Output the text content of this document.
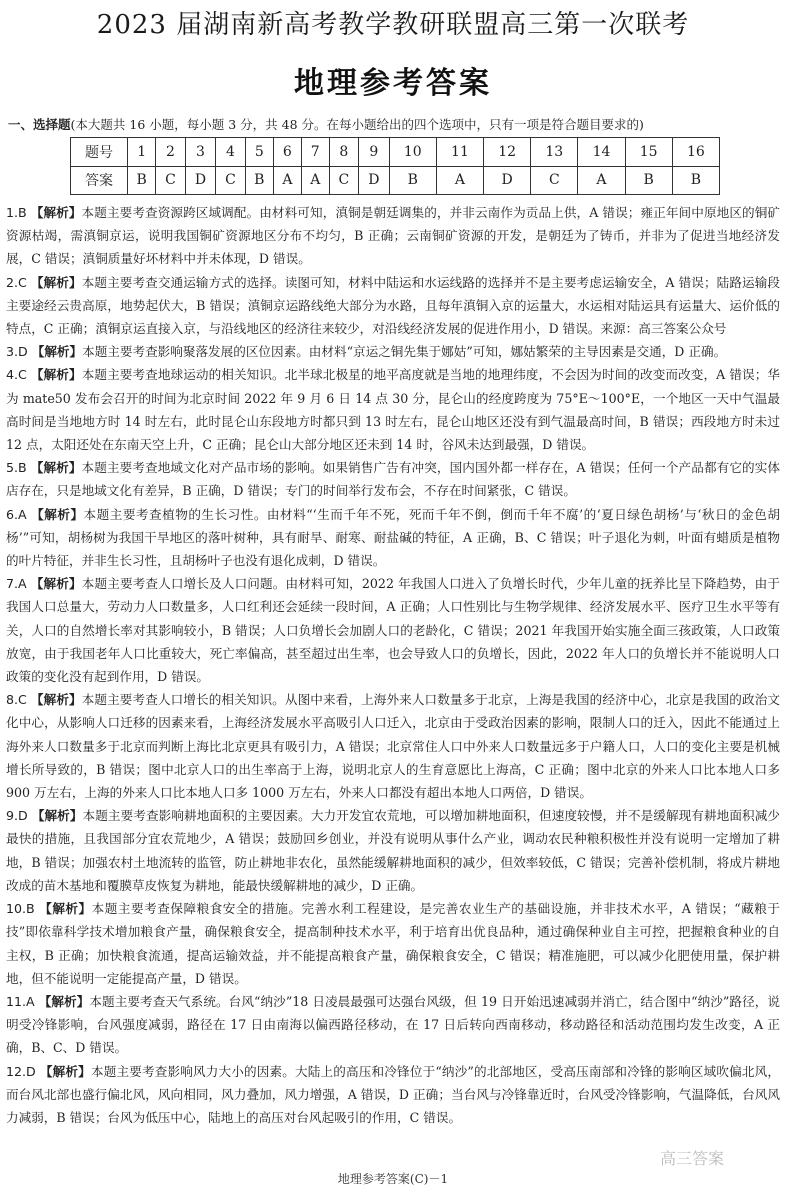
2023 届湖南新高考教学教研联盟高三第一次联考
地理参考答案
一、选择题(本大题共 16 小题，每小题 3 分，共 48 分。在每小题给出的四个选项中，只有一项是符合题目要求的)
题号	1	2	3	4	5	6	7	8	9	10	11	12	13	14	15	16
答案	B	C	D	C	B	A	A	C	D	B	A	D	C	A	B	B

1.B 【解析】本题主要考查资源跨区域调配。由材料可知，滇铜是朝廷调集的，并非云南作为贡品上供，A 错误；雍正年间中原地区的铜矿资源枯竭，需滇铜京运，说明我国铜矿资源地区分布不均匀，B 正确；云南铜矿资源的开发，是朝廷为了铸币，并非为了促进当地经济发展，C 错误；滇铜质量好坏材料中并未体现，D 错误。

2.C 【解析】本题主要考查交通运输方式的选择。读图可知，材料中陆运和水运线路的选择并不是主要考虑运输安全，A 错误；陆路运输段主要途经云贵高原，地势起伏大，B 错误；滇铜京运路线绝大部分为水路，且每年滇铜入京的运量大，水运相对陆运具有运量大、运价低的特点，C 正确；滇铜京运直接入京，与沿线地区的经济往来较少，对沿线经济发展的促进作用小，D 错误。来源：高三答案公众号

3.D 【解析】本题主要考查影响聚落发展的区位因素。由材料“京运之铜先集于娜姑”可知，娜姑繁荣的主导因素是交通，D 正确。

4.C 【解析】本题主要考查地球运动的相关知识。北半球北极星的地平高度就是当地的地理纬度，不会因为时间的改变而改变，A 错误；华为 mate50 发布会召开的时间为北京时间 2022 年 9 月 6 日 14 点 30 分，昆仑山的经度跨度为 75°E～100°E，一个地区一天中气温最高时间是当地地方时 14 时左右，此时昆仑山东段地方时都只到 13 时左右，昆仑山地区还没有到气温最高时间，B 错误；西段地方时未过 12 点，太阳还处在东南天空上升，C 正确；昆仑山大部分地区还未到 14 时，谷风未达到最强，D 错误。

5.B 【解析】本题主要考查地域文化对产品市场的影响。如果销售广告有冲突，国内国外都一样存在，A 错误；任何一个产品都有它的实体店存在，只是地域文化有差异，B 正确，D 错误；专门的时间举行发布会，不存在时间紧张，C 错误。

6.A 【解析】本题主要考查植物的生长习性。由材料“‘生而千年不死，死而千年不倒，倒而千年不腐’的‘夏日绿色胡杨’与‘秋日的金色胡杨’”可知，胡杨树为我国干旱地区的落叶树种，具有耐旱、耐寒、耐盐碱的特征，A 正确，B、C 错误；叶子退化为刺，叶面有蜡质是植物的叶片特征，并非生长习性，且胡杨叶子也没有退化成刺，D 错误。

7.A 【解析】本题主要考查人口增长及人口问题。由材料可知，2022 年我国人口进入了负增长时代，少年儿童的抚养比呈下降趋势，由于我国人口总量大，劳动力人口数量多，人口红利还会延续一段时间，A 正确；人口性别比与生物学规律、经济发展水平、医疗卫生水平等有关，人口的自然增长率对其影响较小，B 错误；人口负增长会加剧人口的老龄化，C 错误；2021 年我国开始实施全面三孩政策，人口政策放宽，由于我国老年人口比重较大，死亡率偏高，甚至超过出生率，也会导致人口的负增长，因此，2022 年人口的负增长并不能说明人口政策的变化没有起到作用，D 错误。

8.C 【解析】本题主要考查人口增长的相关知识。从图中来看，上海外来人口数量多于北京，上海是我国的经济中心，北京是我国的政治文化中心，从影响人口迁移的因素来看，上海经济发展水平高吸引人口迁入，北京由于受政治因素的影响，限制人口的迁入，因此不能通过上海外来人口数量多于北京而判断上海比北京更具有吸引力，A 错误；北京常住人口中外来人口数量远多于户籍人口，人口的变化主要是机械增长所导致的，B 错误；图中北京人口的出生率高于上海，说明北京人的生育意愿比上海高，C 正确；图中北京的外来人口比本地人口多 900 万左右，上海的外来人口比本地人口多 1000 万左右，外来人口都没有超出本地人口两倍，D 错误。

9.D 【解析】本题主要考查影响耕地面积的主要因素。大力开发宜农荒地，可以增加耕地面积，但速度较慢，并不是缓解现有耕地面积减少最快的措施，且我国部分宜农荒地少，A 错误；鼓励回乡创业，并没有说明从事什么产业，调动农民种粮积极性并没有说明一定增加了耕地，B 错误；加强农村土地流转的监管，防止耕地非农化，虽然能缓解耕地面积的减少，但效率较低，C 错误；完善补偿机制，将成片耕地改成的苗木基地和覆膜草皮恢复为耕地，能最快缓解耕地的减少，D 正确。

10.B 【解析】本题主要考查保障粮食安全的措施。完善水利工程建设，是完善农业生产的基础设施，并非技术水平，A 错误；“藏粮于技”即依靠科学技术增加粮食产量，确保粮食安全，提高制种技术水平，利于培育出优良品种，通过确保种业自主可控，把握粮食种业的自主权，B 正确；加快粮食流通，提高运输效益，并不能提高粮食产量，确保粮食安全，C 错误；精准施肥，可以减少化肥使用量，保护耕地，但不能说明一定能提高产量，D 错误。

11.A 【解析】本题主要考查天气系统。台风“纳沙”18 日凌晨最强可达强台风级，但 19 日开始迅速减弱并消亡，结合图中“纳沙”路径，说明受冷锋影响，台风强度减弱，路径在 17 日由南海以偏西路径移动，在 17 日后转向西南移动，移动路径和活动范围均发生改变，A 正确，B、C、D 错误。

12.D 【解析】本题主要考查影响风力大小的因素。大陆上的高压和冷锋位于“纳沙”的北部地区，受高压南部和冷锋的影响区域吹偏北风，而台风北部也盛行偏北风，风向相同，风力叠加，风力增强，A 错误，D 正确；当台风与冷锋靠近时，台风受冷锋影响，气温降低，台风风力减弱，B 错误；台风为低压中心，陆地上的高压对台风起吸引的作用，C 错误。

高三答案
地理参考答案(C)－1
